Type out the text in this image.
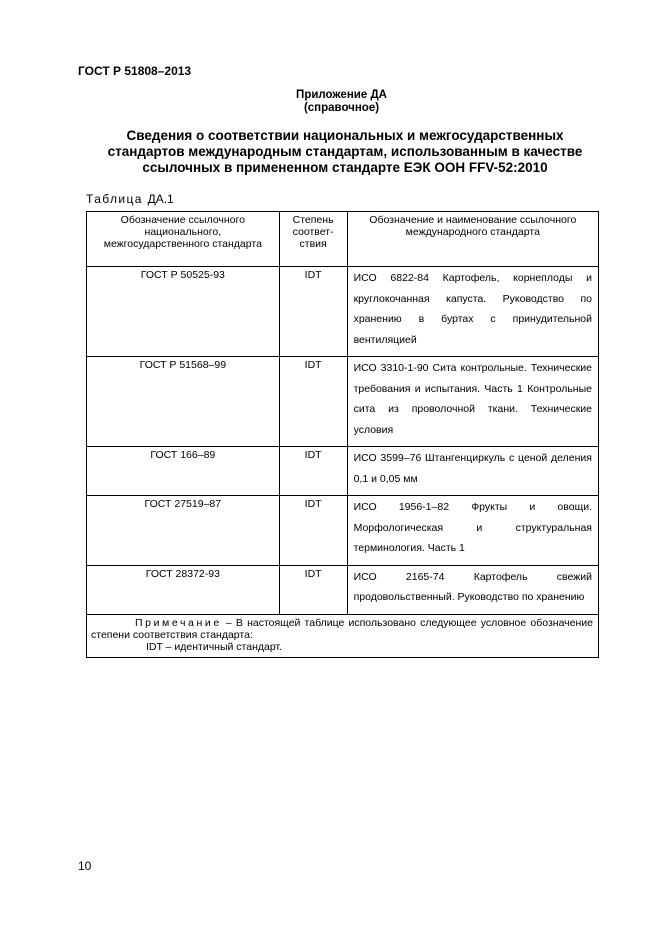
ГОСТ Р 51808–2013
Приложение ДА
(справочное)
Сведения о соответствии национальных и межгосударственных
стандартов международным стандартам, использованным в качестве
ссылочных в примененном стандарте ЕЭК ООН FFV-52:2010
Таблица ДА.1
Обозначение ссылочного национального, межгосударственного стандарта	Степень соответ-ствия	Обозначение и наименование ссылочного международного стандарта
ГОСТ Р 50525-93	IDT	ИСО 6822-84 Картофель, корнеплоды и круглокочанная капуста. Руководство по хранению в буртах с принудительной вентиляцией
ГОСТ Р 51568–99	IDT	ИСО 3310-1-90 Сита контрольные. Технические требования и испытания. Часть 1 Контрольные сита из проволочной ткани. Технические условия
ГОСТ 166–89	IDT	ИСО 3599–76 Штангенциркуль с ценой деления 0,1 и 0,05 мм
ГОСТ 27519–87	IDT	ИСО 1956-1–82 Фрукты и овощи. Морфологическая и структуральная терминология. Часть 1
ГОСТ 28372-93	IDT	ИСО 2165-74 Картофель свежий продовольственный. Руководство по хранению

Примечание – В настоящей таблице использовано следующее условное обозначение
степени соответствия стандарта:
IDT – идентичный стандарт.		
10
